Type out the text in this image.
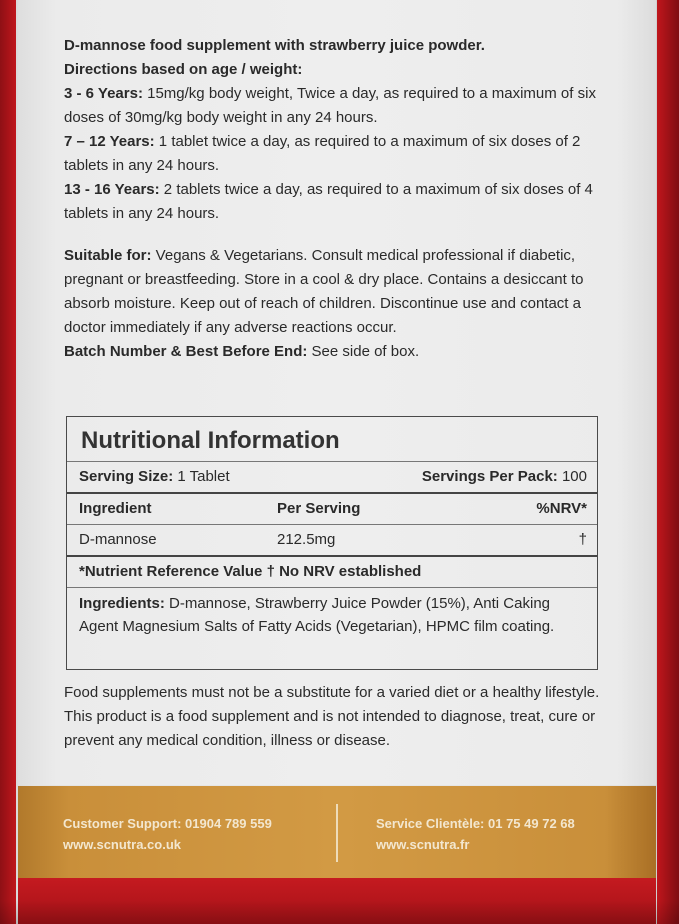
D-mannose food supplement with strawberry juice powder.

Directions based on age / weight:

3 - 6 Years: 15mg/kg body weight, Twice a day, as required to a maximum of six doses of 30mg/kg body weight in any 24 hours.

7 – 12 Years: 1 tablet twice a day, as required to a maximum of six doses of 2 tablets in any 24 hours.

13 - 16 Years: 2 tablets twice a day, as required to a maximum of six doses of 4 tablets in any 24 hours.

Suitable for: Vegans & Vegetarians. Consult medical professional if diabetic, pregnant or breastfeeding. Store in a cool & dry place. Contains a desiccant to absorb moisture. Keep out of reach of children. Discontinue use and contact a doctor immediately if any adverse reactions occur.

Batch Number & Best Before End: See side of box.

Nutritional Information
Serving Size: 1 Tablet	Servings Per Pack: 100
Ingredient	Per Serving	%NRV*
D-mannose	212.5mg	†
*Nutrient Reference Value † No NRV established
Ingredients: D-mannose, Strawberry Juice Powder (15%), Anti Caking Agent Magnesium Salts of Fatty Acids (Vegetarian), HPMC film coating.
Food supplements must not be a substitute for a varied diet or a healthy lifestyle. This product is a food supplement and is not intended to diagnose, treat, cure or prevent any medical condition, illness or disease.
Customer Support: 01904 789 559
www.scnutra.co.uk
Service Clientèle: 01 75 49 72 68
www.scnutra.fr
